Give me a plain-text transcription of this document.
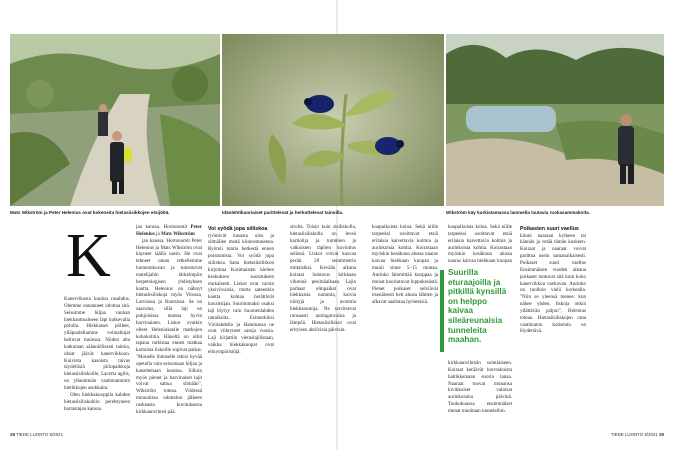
Mats Wikström ja Peter Helenius ovat kokeneita hietasiisikkojen etsijöitä.	Idänlehtikuoriaiset parittelevat ja herkuttelevat tainoilla.	Wikström käy kurkistamassa lammella lautavia ruokasammakoita.
K

Kanervikosta kuuluu rasahdus. Olemme onnanneet odottaa sitä. Seisomme hiljaa vanhan hiekkaottoalueen läpi kulkevalla polulla. Hiekkaiset pölleet, ylläpuolellamme voimalinjat heiluvat tuulessa. Niiden alta katkotaan säännöllisesti taimia, oksat jäävät kanervikkoon. Kuivista kasoista taivas täydellisiä piilopaikkoja hietasiisiliskoille, Lacerta agilis, on ylkeimmän vaatimattomin hietikkojen asukkaita.

Olen hiekkakuoppila kahden hietasiisiliskohiin perehtyneen harrastajan kanssa.

jan kanssa. Hortonomit Peter Helenius ja Mats Wikström

jan kanssa. Hortonomit Peter Helenius ja Mats Wikström ovat käyneet täällä usein. He ovat tehneet oman retkellemme luonnonkuvan ja tutustuivat matelijahin tärkeimpiin herpetologisen yhdistyksen kautta. Helenius on nähnyt hietasiisiliskoja myös Virossa, Latviassa ja Ruotsissa. Se on saavutus, sillä laji on pohjoisissa maissa hyvin harvinainen. Liskot ovatkin olleet Heleniukselle matkojen kohokohtia. Häneltä on ollut tapana tarkistaa ennen matkaa kartoista liskoille sopivat paikat. "Monelle ihmiselle tekisi hyvää opetella vain seisomaan hiljaa ja katselemaan luontoa. Silloin myös pienet ja harvinaiset lajit voivat sattua silmään", Wikström toteaa. Viidessä minuutissa odottelun jälkeen ruskeasta kuvituksesta kirkkaanvihreä pää.

Voi syödä jopa siiliskoa

ryömivät kasasta ulos ja silmäilee meitä kiinnostuneena. Ryömii tuntia hetkestä ennen poistumista. Voi syödä jopa siiliskoa Sana hietasiisiliskon kirjoittaa Kotimaisten kielten keskuksen suosituksen mukaisesti. Liskot ovat varsin yksiviivaisia, mutta sateenkin kautta kohtaa herättävät havaitsijan. Suurimmaksi osaksi laji löytyy vain Suomenlahden rannikolta. Esimerkiksi Virolahdella ja Haminassa ne ovat viihtyneet satoja vuosia. Laji kirjattiin vieraslajilistaan, vaikka hiekkakuopat ovat elinympäristöjä.

sirolta. Toisin kuin sisiliskolla, hietasiisiliskolla on leveä kartiolija ja tummien ja valkoisten täplien kuvioitus selässä. Liskot voivat kasvaa peräti 20 senttimetrin mittaisiksi. Kevään aikana koiraat hohtavat kirkkaan vihreinä pesimäaikaan. Lajin parhaat elinpaikat ovat hiekkaisia nummia, kuivia niittyjä ja avoimia hiekkarantoja. Ne tarvitsevat runsaasti auringonvaloa ja lämpöä. Hietasiisiliskot ovat erityisen aktiivisia päivisin.

koapaikoista koloa. Sekä niille tarpeeksi osoittavat etsiä erilaisia kaivettavia kolmia ja aurinkoisia kohtia. Koirastaan myöskin kesäkuun alussa naaras kaivaa hiekkaan kuopan ja munii sinne 5–15 munaa. Aurinko lämmittää kuoppaa ja munat kuoriutuvat loppukesästä. Pienet poikaset selviävät itsenäisesti heti alusta lähtien ja alkavat saalistaa hyönteisiä.

koapaikoista koloa. Sekä niille tarpeeksi osoittavat etsiä erilaisia kaivettavia kolmia ja aurinkoisia kohtia. Koirastaan myöskin kesäkuun alussa naaras kaivaa hiekkaan kuopan

Suurilla eturaajoilla ja pitkillä kynsillä on helppo kaivaa sileäreunaisia tunneleita maahan.

kirkkaanvihreän sointiaiseen. Koiraat keräävät horroskoista haltikkeinaan suoria lanaa. Naaraat tuovat munansa kivikkoiset valoisat aurinkoisina päivinä. Toukokuussa ensimmäiset munat munitaan tunneleihin.

Poikasten suuri vaellus

kiinni naaraan kylkeen tai hännän ja vetää tämän koskeen. Koiraat ja naaraat voivat parittua usein samanaikaisesti. Poikaset suuri vaellus Ensimmäisen vuoden aikana poikaset tuntuvat sitä kuin koko kanervikkoa vaeltavan. Aurinko on tuolloin vielä korkealla. "Niin se yleensä menee: kun näkee yhden, liskoja onkin yllättävän paljon", Helenius toteaa. Hietasiisiliskojen oma vaatimaton kotiseutu on löydettävä.

28 TIEDE LUONTO 5/2021	TIEDE LUONTO 5/2021 29
